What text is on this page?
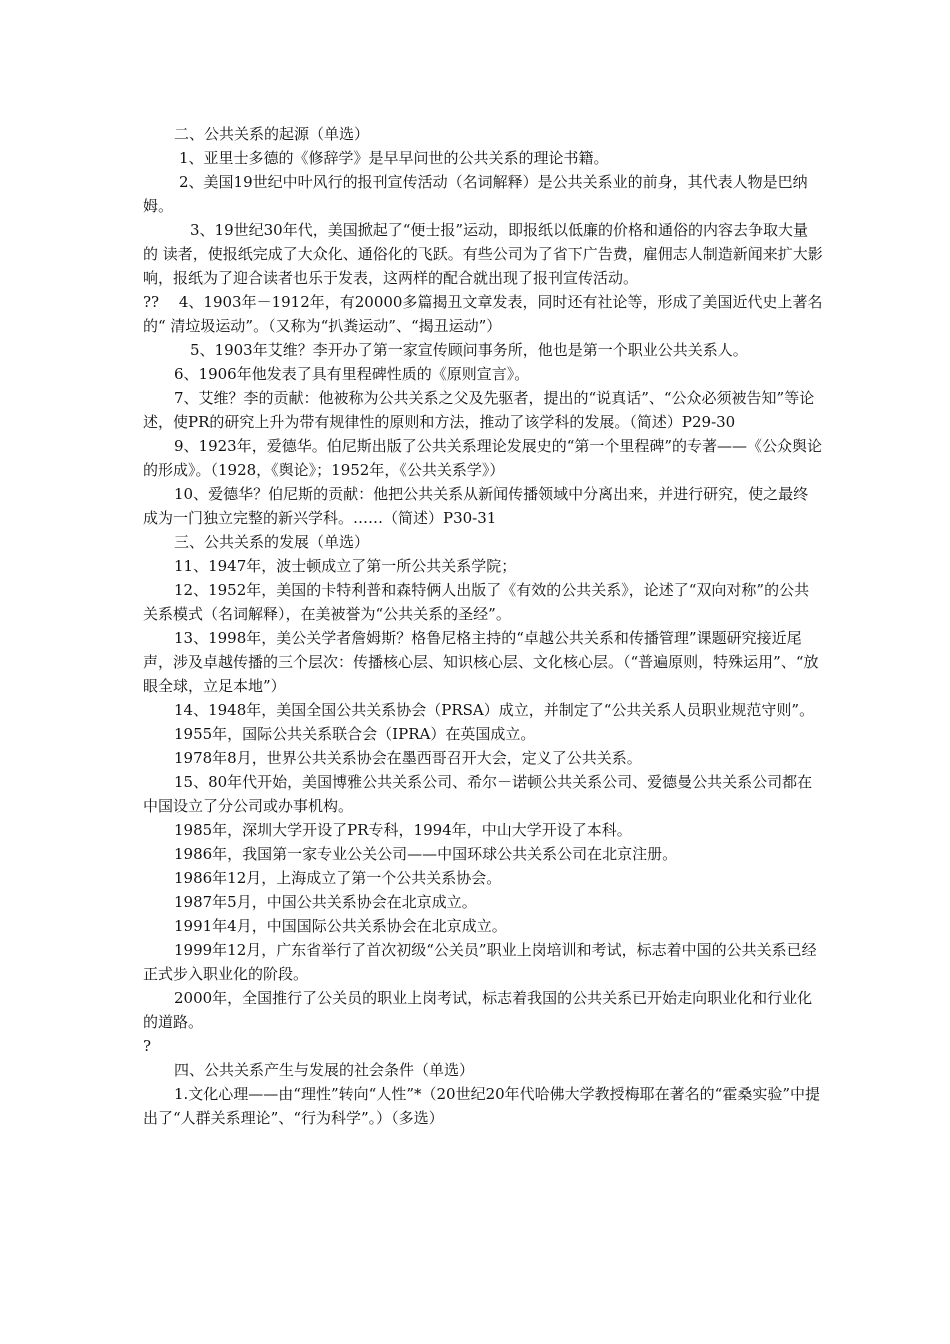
二、公共关系的起源（单选）

1、亚里士多德的《修辞学》是早早问世的公共关系的理论书籍。

2、美国19世纪中叶风行的报刊宣传活动（名词解释）是公共关系业的前身，其代表人物是巴纳姆。

3、19世纪30年代，美国掀起了“便士报”运动，即报纸以低廉的价格和通俗的内容去争取大量的 读者，使报纸完成了大众化、通俗化的飞跃。有些公司为了省下广告费，雇佣志人制造新闻来扩大影响，报纸为了迎合读者也乐于发表，这两样的配合就出现了报刊宣传活动。

??　 4、1903年－1912年，有20000多篇揭丑文章发表，同时还有社论等，形成了美国近代史上著名的“ 清垃圾运动”。（又称为“扒粪运动”、“揭丑运动”）

5、1903年艾维？李开办了第一家宣传顾问事务所，他也是第一个职业公共关系人。

6、1906年他发表了具有里程碑性质的《原则宣言》。

7、艾维？李的贡献：他被称为公共关系之父及先驱者，提出的“说真话”、“公众必须被告知”等论述，使PR的研究上升为带有规律性的原则和方法，推动了该学科的发展。（简述）P29-30

9、1923年，爱德华。伯尼斯出版了公共关系理论发展史的“第一个里程碑”的专著——《公众舆论的形成》。（1928，《舆论》；1952年，《公共关系学》）

10、爱德华？伯尼斯的贡献：他把公共关系从新闻传播领域中分离出来，并进行研究，使之最终成为一门独立完整的新兴学科。……（简述）P30-31

三、公共关系的发展（单选）

11、1947年，波士顿成立了第一所公共关系学院；

12、1952年，美国的卡特利普和森特俩人出版了《有效的公共关系》，论述了“双向对称”的公共关系模式（名词解释），在美被誉为“公共关系的圣经”。

13、1998年，美公关学者詹姆斯？格鲁尼格主持的“卓越公共关系和传播管理”课题研究接近尾声，涉及卓越传播的三个层次：传播核心层、知识核心层、文化核心层。（“普遍原则，特殊运用”、“放眼全球，立足本地”）

14、1948年，美国全国公共关系协会（PRSA）成立，并制定了“公共关系人员职业规范守则”。

1955年，国际公共关系联合会（IPRA）在英国成立。

1978年8月，世界公共关系协会在墨西哥召开大会，定义了公共关系。

15、80年代开始，美国博雅公共关系公司、希尔－诺顿公共关系公司、爱德曼公共关系公司都在中国设立了分公司或办事机构。

1985年，深圳大学开设了PR专科，1994年，中山大学开设了本科。

1986年，我国第一家专业公关公司——中国环球公共关系公司在北京注册。

1986年12月，上海成立了第一个公共关系协会。

1987年5月，中国公共关系协会在北京成立。

1991年4月，中国国际公共关系协会在北京成立。

1999年12月，广东省举行了首次初级“公关员”职业上岗培训和考试，标志着中国的公共关系已经正式步入职业化的阶段。

2000年，全国推行了公关员的职业上岗考试，标志着我国的公共关系已开始走向职业化和行业化的道路。

?

四、公共关系产生与发展的社会条件（单选）

1.文化心理——由“理性”转向“人性”*（20世纪20年代哈佛大学教授梅耶在著名的“霍桑实验”中提出了“人群关系理论”、“行为科学”。）（多选）
